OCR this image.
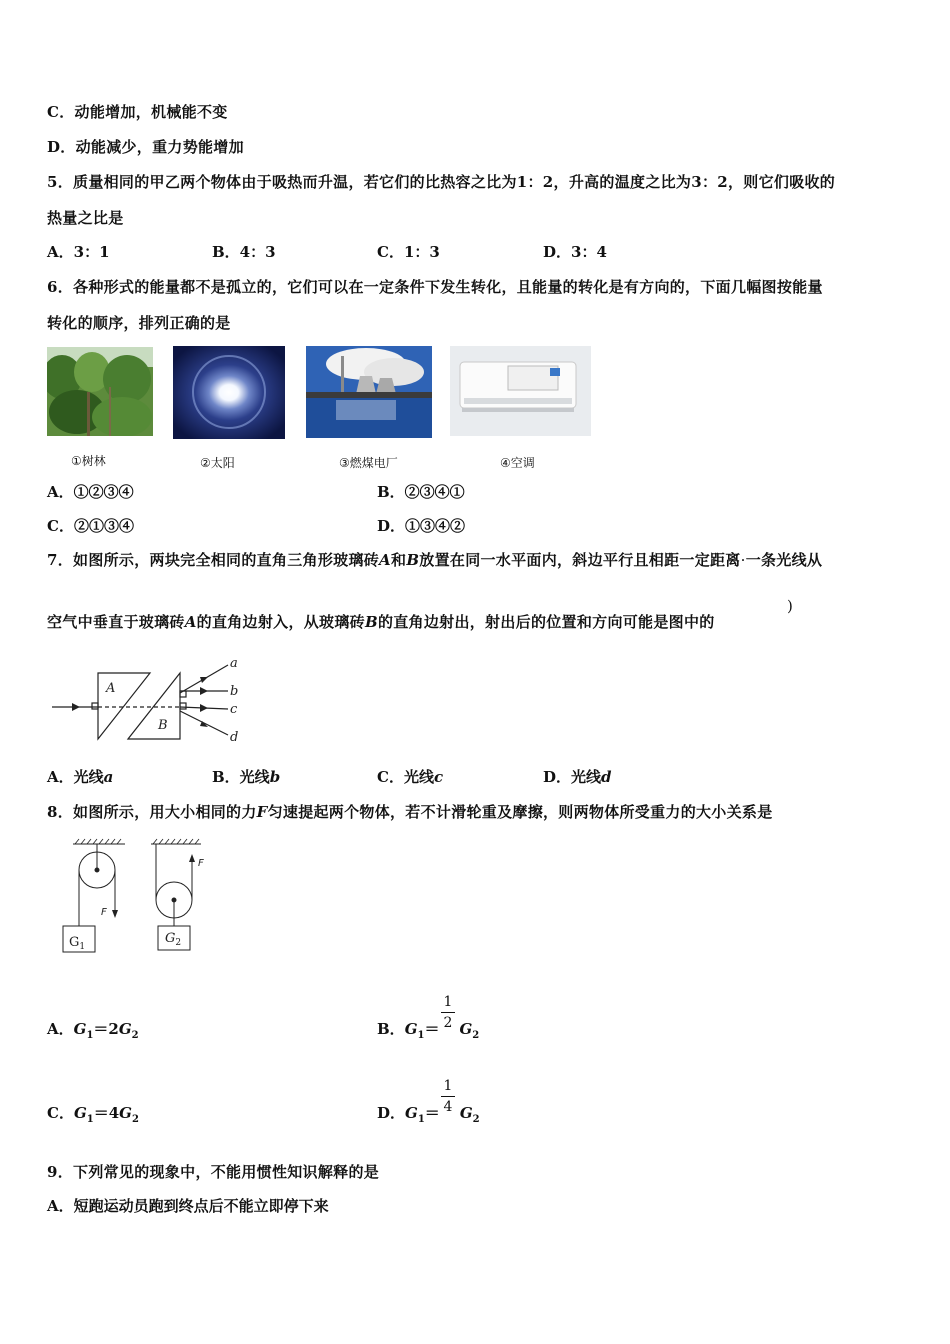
C．动能增加，机械能不变
D．动能减少，重力势能增加
5．质量相同的甲乙两个物体由于吸热而升温，若它们的比热容之比为1：2，升高的温度之比为3：2，则它们吸收的
热量之比是
A．3：1	B．4：3	C．1：3	D．3：4
6．各种形式的能量都不是孤立的，它们可以在一定条件下发生转化，且能量的转化是有方向的，下面几幅图按能量
转化的顺序，排列正确的是
①树林	②太阳	③燃煤电厂	④空调
A．①②③④	B．②③④①
C．②①③④	D．①③④②
7．如图所示，两块完全相同的直角三角形玻璃砖A和B放置在同一水平面内，斜边平行且相距一定距离·一条光线从
空气中垂直于玻璃砖A的直角边射入，从玻璃砖B的直角边射出，射出后的位置和方向可能是图中的
)
A
B
a
b
c
d
A．光线a	B．光线b	C．光线c	D．光线d
8．如图所示，用大小相同的力F匀速提起两个物体，若不计滑轮重及摩擦，则两物体所受重力的大小关系是
F
F
$G_1$
$G_2$
A．$G_1=2G_2$	B．$G_1= G_2$
1
2
C．$G_1=4G_2$	D．$G_1= G_2$
1
4
9．下列常见的现象中，不能用惯性知识解释的是
A．短跑运动员跑到终点后不能立即停下来
